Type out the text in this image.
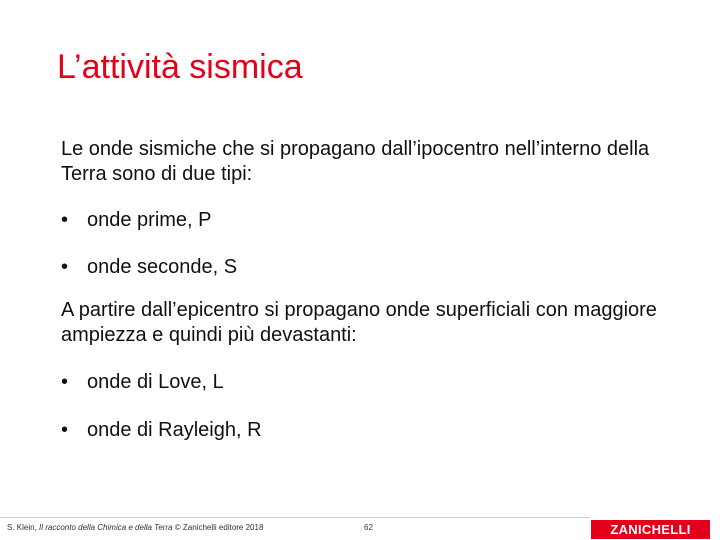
L’attività sismica

Le onde sismiche che si propagano dall’ipocentro nell’interno della Terra sono di due tipi:

• onde prime, P
• onde seconde, S

A partire dall’epicentro si propagano onde superficiali con maggiore ampiezza e quindi più devastanti:

• onde di Love, L
• onde di Rayleigh, R
S. Klein, Il racconto della Chimica e della Terra © Zanichelli editore 2018	62	ZANICHELLI
